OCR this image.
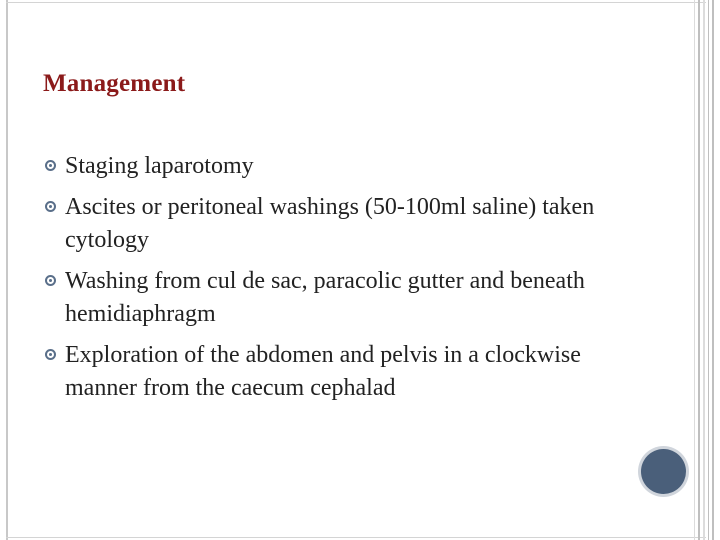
Management
Staging laparotomy
Ascites or peritoneal washings (50-100ml saline) taken cytology
Washing from cul de sac, paracolic gutter and beneath hemidiaphragm
Exploration of the abdomen and pelvis in a clockwise manner from the caecum cephalad
